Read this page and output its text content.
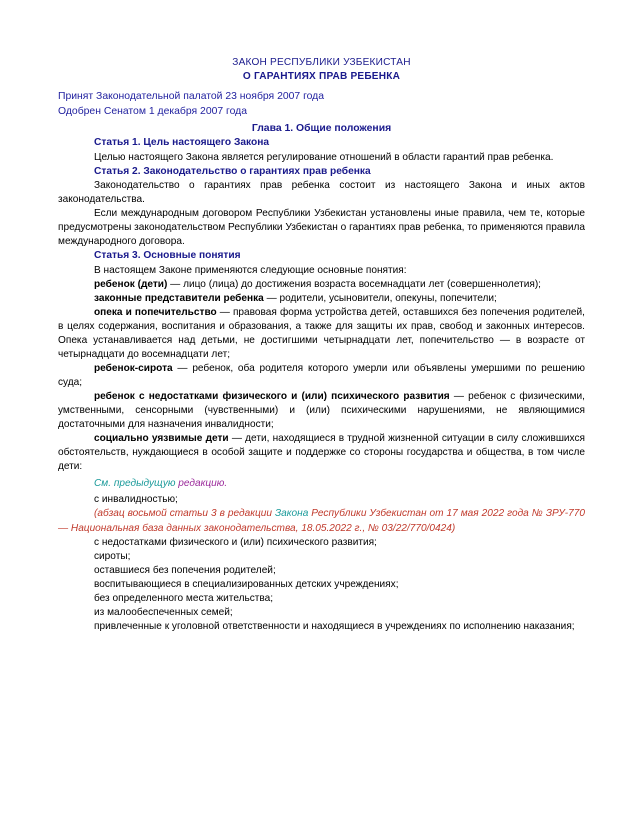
ЗАКОН РЕСПУБЛИКИ УЗБЕКИСТАН
О ГАРАНТИЯХ ПРАВ РЕБЕНКА
Принят Законодательной палатой 23 ноября 2007 года
Одобрен Сенатом 1 декабря 2007 года
Глава 1. Общие положения
Статья 1. Цель настоящего Закона

Целью настоящего Закона является регулирование отношений в области гарантий прав ребенка.

Статья 2. Законодательство о гарантиях прав ребенка

Законодательство о гарантиях прав ребенка состоит из настоящего Закона и иных актов законодательства.

Если международным договором Республики Узбекистан установлены иные правила, чем те, которые предусмотрены законодательством Республики Узбекистан о гарантиях прав ребенка, то применяются правила международного договора.

Статья 3. Основные понятия

В настоящем Законе применяются следующие основные понятия:

ребенок (дети) — лицо (лица) до достижения возраста восемнадцати лет (совершеннолетия);

законные представители ребенка — родители, усыновители, опекуны, попечители;

опека и попечительство — правовая форма устройства детей, оставшихся без попечения родителей, в целях содержания, воспитания и образования, а также для защиты их прав, свобод и законных интересов. Опека устанавливается над детьми, не достигшими четырнадцати лет, попечительство — в возрасте от четырнадцати до восемнадцати лет;

ребенок-сирота — ребенок, оба родителя которого умерли или объявлены умершими по решению суда;

ребенок с недостатками физического и (или) психического развития — ребенок с физическими, умственными, сенсорными (чувственными) и (или) психическими нарушениями, не являющимися достаточными для назначения инвалидности;

социально уязвимые дети — дети, находящиеся в трудной жизненной ситуации в силу сложившихся обстоятельств, нуждающиеся в особой защите и поддержке со стороны государства и общества, в том числе дети:

См. предыдущую редакцию.

с инвалидностью;

(абзац восьмой статьи 3 в редакции Закона Республики Узбекистан от 17 мая 2022 года № ЗРУ-770 — Национальная база данных законодательства, 18.05.2022 г., № 03/22/770/0424)

с недостатками физического и (или) психического развития;

сироты;

оставшиеся без попечения родителей;

воспитывающиеся в специализированных детских учреждениях;

без определенного места жительства;

из малообеспеченных семей;

привлеченные к уголовной ответственности и находящиеся в учреждениях по исполнению наказания;
